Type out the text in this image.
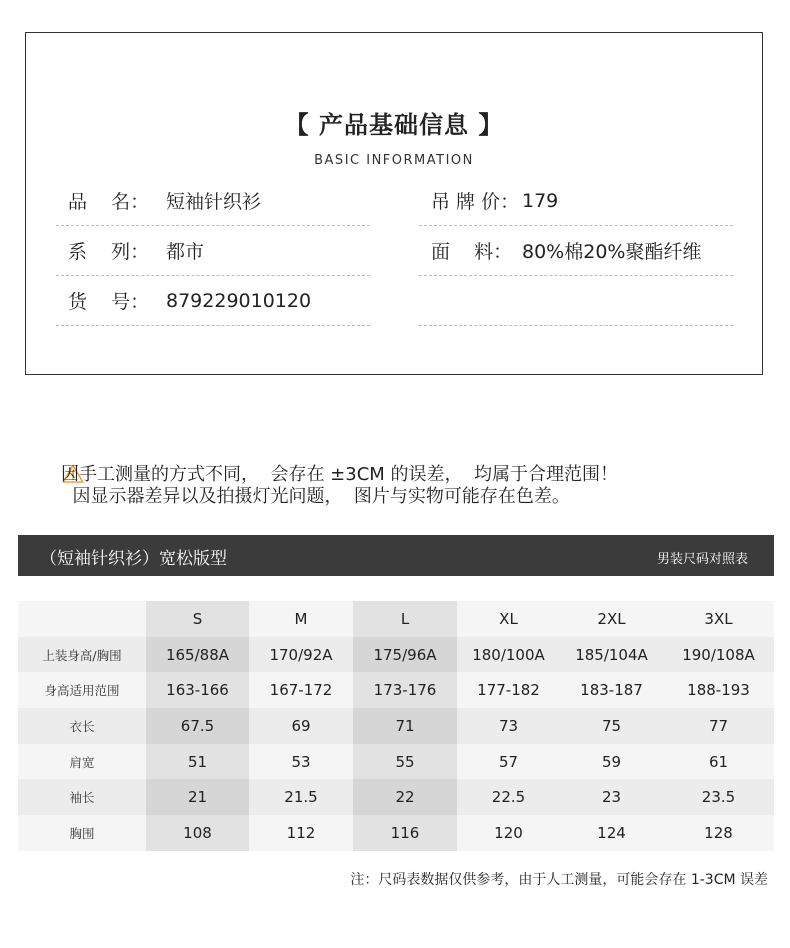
【 产品基础信息 】
BASIC INFORMATION
品    名： 短袖针织衫
系    列： 都市
货    号： 879229010120
吊 牌 价： 179
面    料： 80%棉20%聚酯纤维

因显示器差异以及拍摄灯光问题，  图片与实物可能存在色差。

因手工测量的方式不同，  会存在 ±3CM 的误差，  均属于合理范围！
（短袖针织衫）宽松版型	男装尺码对照表
	S	M	L	XL	2XL	3XL
上装身高/胸围	165/88A	170/92A	175/96A	180/100A	185/104A	190/108A
身高适用范围	163-166	167-172	173-176	177-182	183-187	188-193
衣长	67.5	69	71	73	75	77
肩宽	51	53	55	57	59	61
袖长	21	21.5	22	22.5	23	23.5
胸围	108	112	116	120	124	128
注：尺码表数据仅供参考，由于人工测量，可能会存在 1-3CM 误差
